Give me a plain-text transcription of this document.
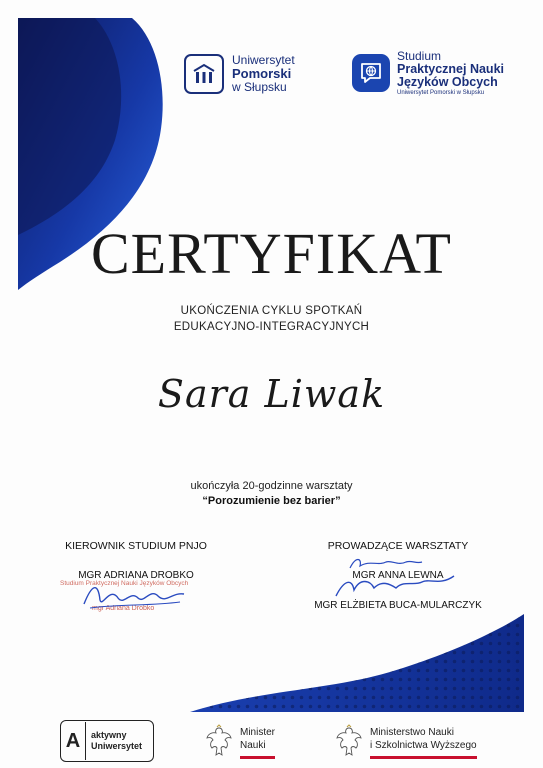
Uniwersytet
Pomorski
w Słupsku
Studium
Praktycznej Nauki
Języków Obcych
Uniwersytet Pomorski w Słupsku
CERTYFIKAT
UKOŃCZENIA CYKLU SPOTKAŃ
EDUKACYJNO-INTEGRACYJNYCH
Sara Liwak
ukończyła 20-godzinne warsztaty
“Porozumienie bez barier”
KIEROWNIK STUDIUM PNJO
MGR ADRIANA DROBKO
Studium Praktycznej Nauki Języków Obcych
mgr Adriana Drobko
PROWADZĄCE WARSZTATY
MGR ANNA LEWNA
MGR ELŻBIETA BUCA-MULARCZYK
A	aktywny
Uniwersytet
Minister
Nauki
Ministerstwo Nauki
i Szkolnictwa Wyższego
